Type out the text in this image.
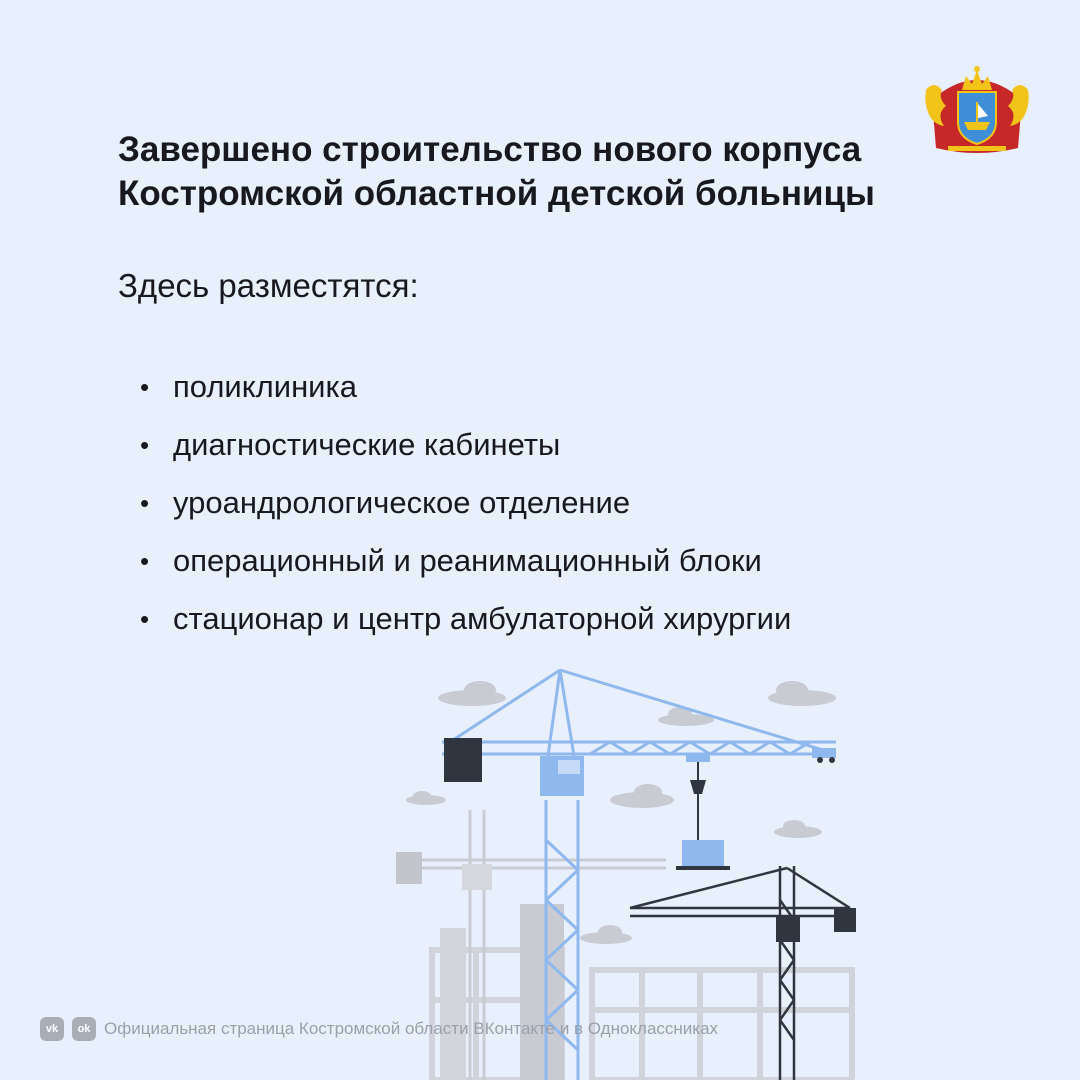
Завершено строительство нового корпуса
Костромской областной детской больницы

Здесь разместятся:

• поликлиника
• диагностические кабинеты
• уроандрологическое отделение
• операционный и реанимационный блоки
• стационар и центр амбулаторной хирургии
vk	ok Официальная страница Костромской области ВКонтакте и в Одноклассниках
